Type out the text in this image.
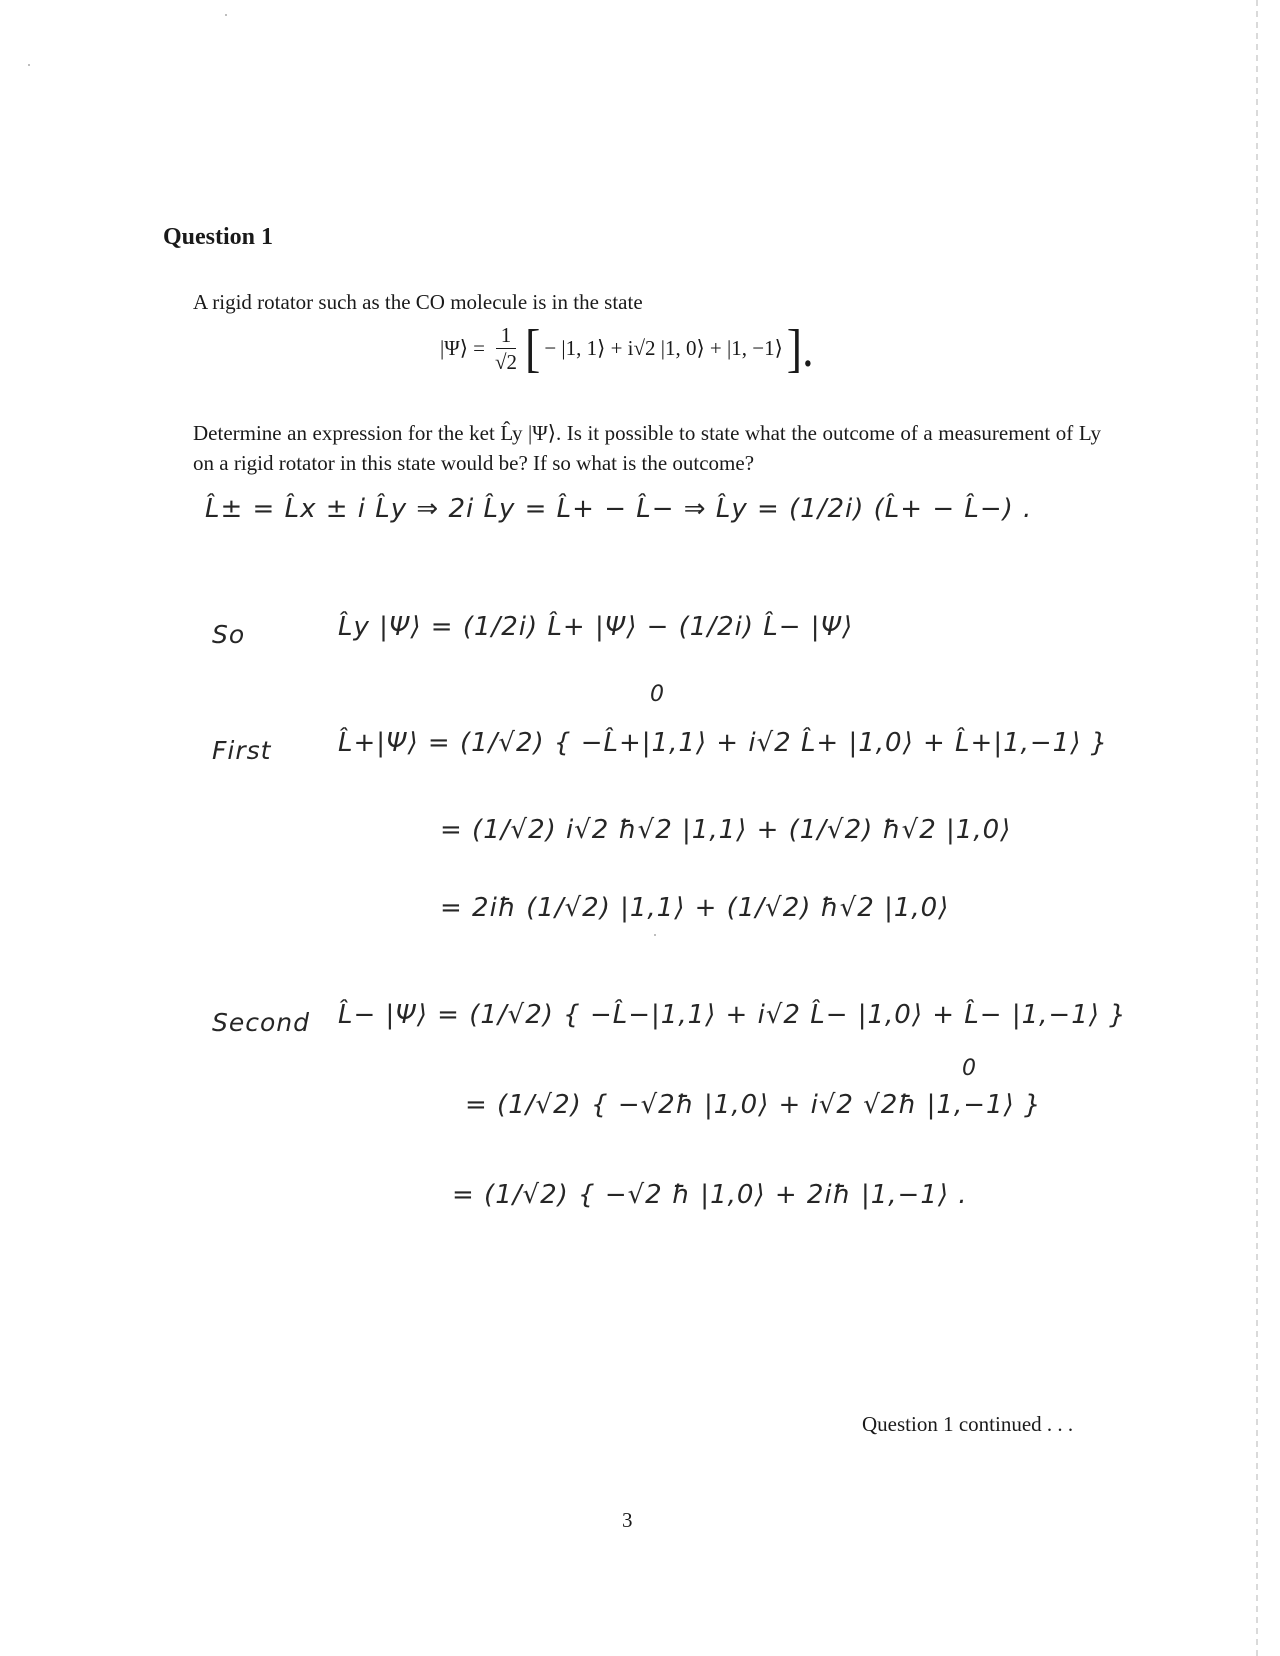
Question 1
A rigid rotator such as the CO molecule is in the state
|Ψ⟩ = $\frac{1}{√2}$ [ − |1, 1⟩ + i√2 |1, 0⟩ + |1, −1⟩ ].
Determine an expression for the ket L̂y |Ψ⟩. Is it possible to state what the outcome of a measurement of Ly on a rigid rotator in this state would be? If so what is the outcome?
L̂± = L̂x ± i L̂y ⇒ 2i L̂y = L̂+ − L̂− ⇒ L̂y = (1/2i) (L̂+ − L̂−) .
So	L̂y |Ψ⟩ = (1/2i) L̂+ |Ψ⟩ − (1/2i) L̂− |Ψ⟩
0
First	L̂+|Ψ⟩ = (1/√2) { −L̂+|1,1⟩ + i√2 L̂+ |1,0⟩ + L̂+|1,−1⟩ }
= (1/√2) i√2 ħ√2 |1,1⟩ + (1/√2) ħ√2 |1,0⟩
= 2iħ (1/√2) |1,1⟩ + (1/√2) ħ√2 |1,0⟩
Second L̂− |Ψ⟩ = (1/√2) { −L̂−|1,1⟩ + i√2 L̂− |1,0⟩ + L̂− |1,−1⟩ }
0
= (1/√2) { −√2ħ |1,0⟩ + i√2 √2ħ |1,−1⟩ }
= (1/√2) { −√2 ħ |1,0⟩ + 2iħ |1,−1⟩ .
Question 1 continued . . .
3
